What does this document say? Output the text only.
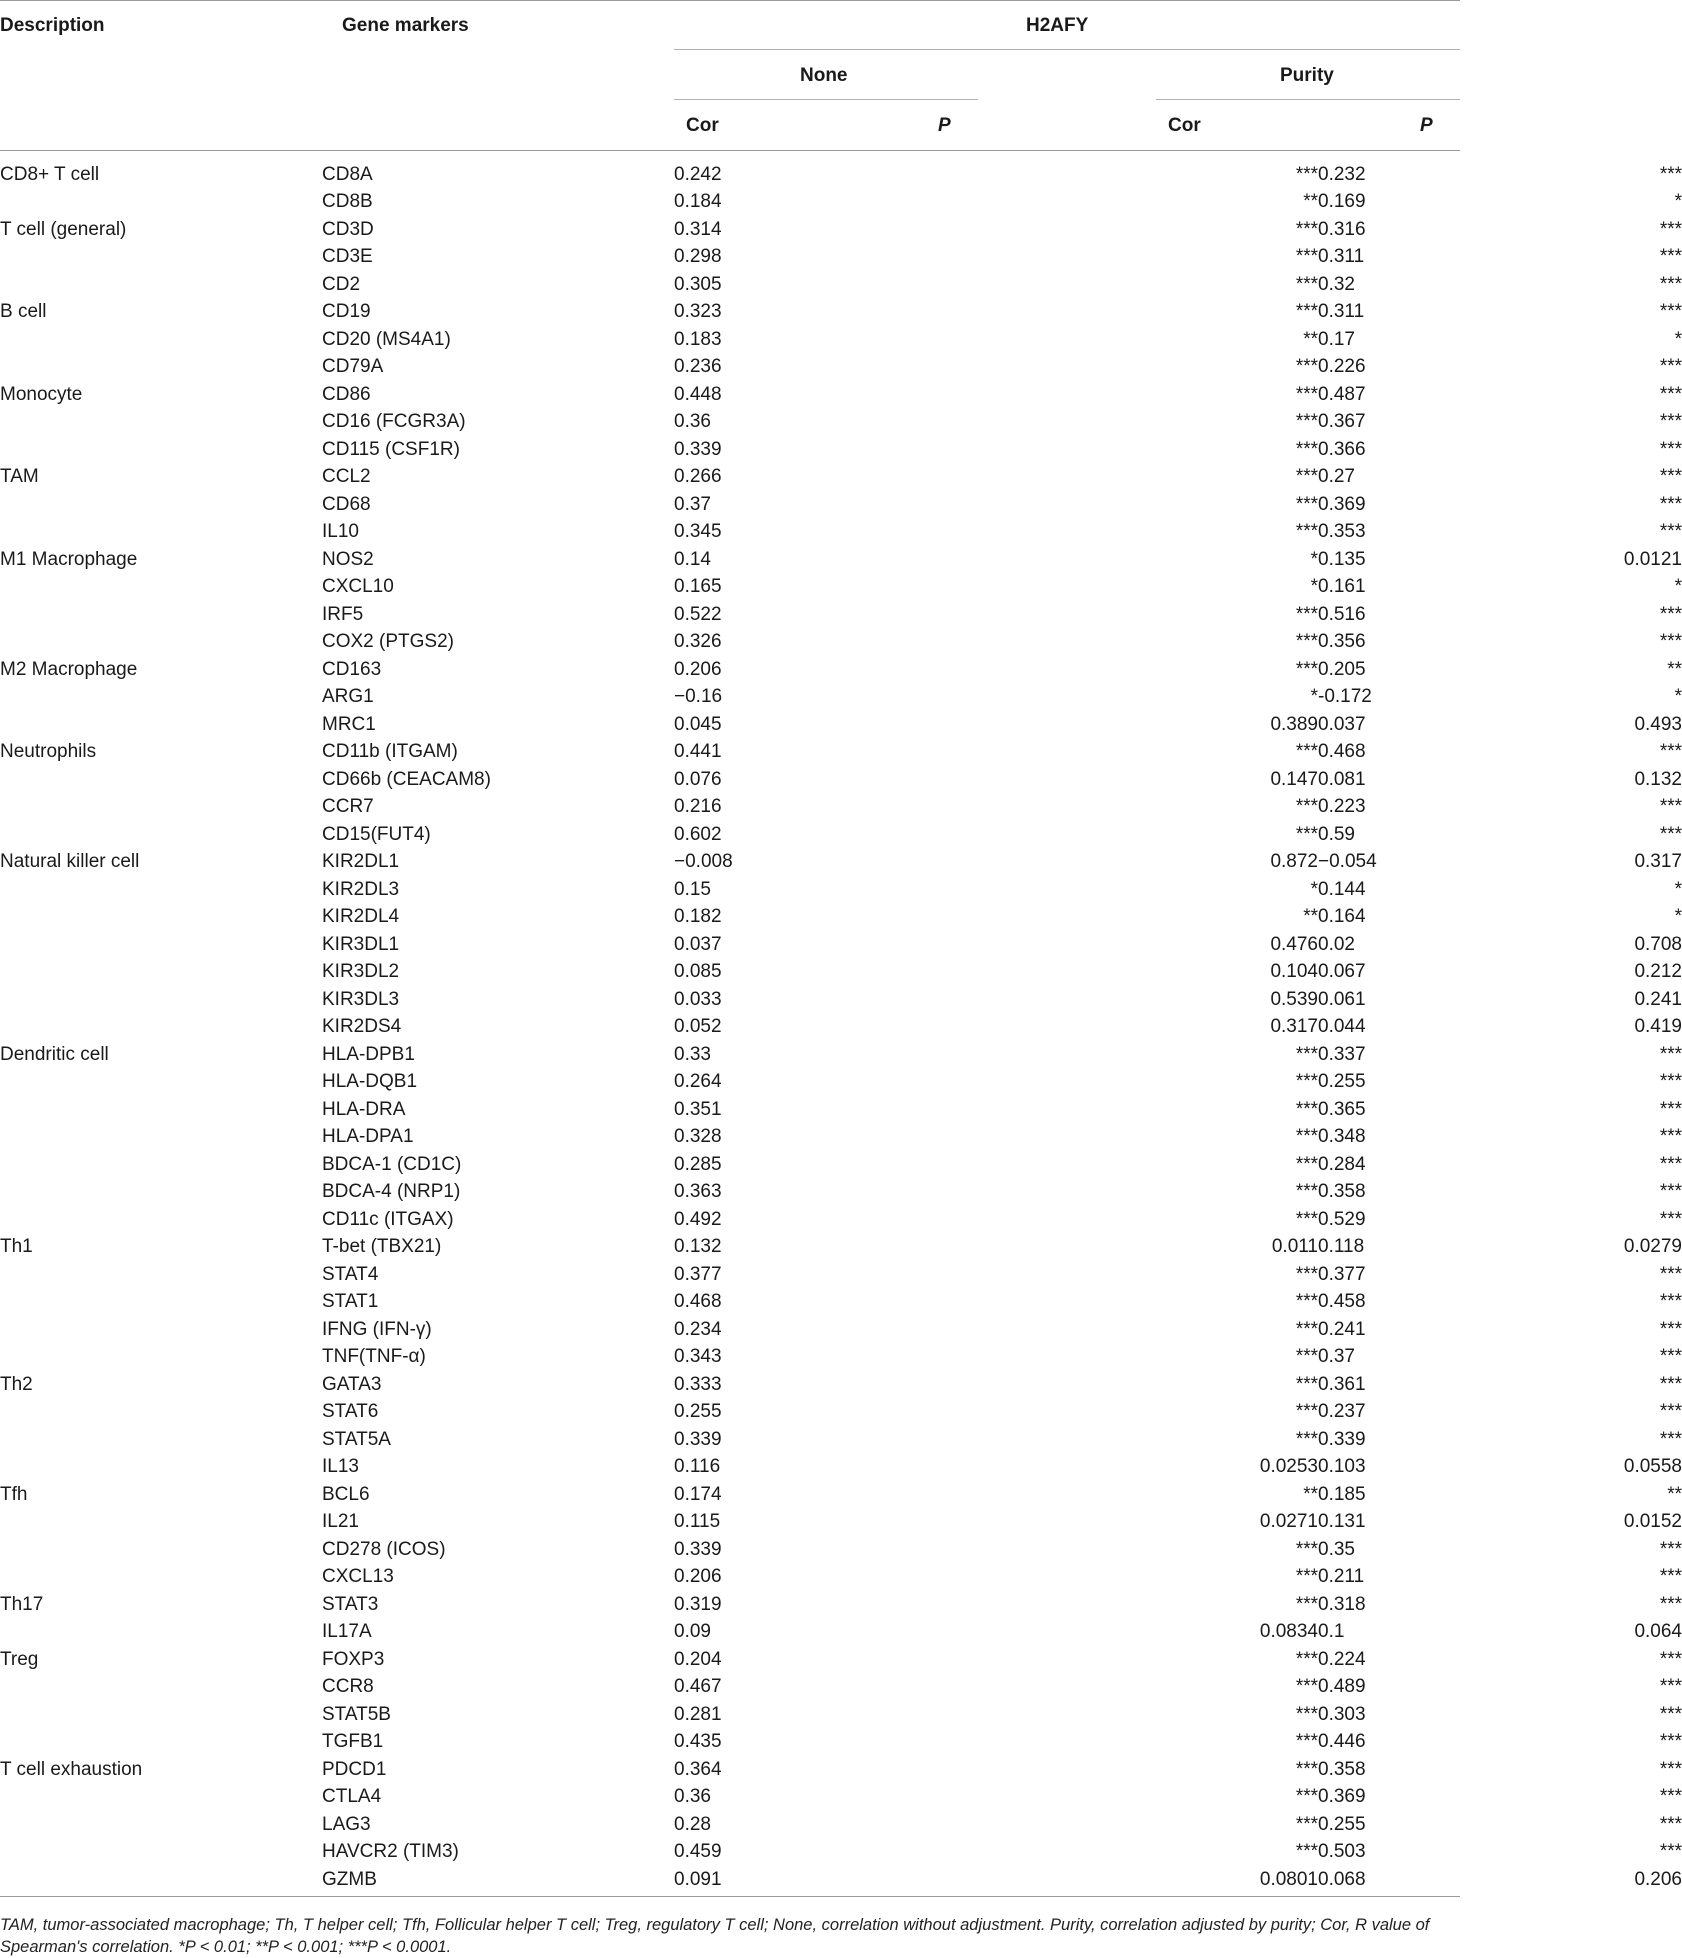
Description	Gene markers	H2AFY
None	Purity
Cor	P	Cor	P
CD8+ T cell	CD8A	0.242	***	0.232	***
	CD8B	0.184	**	0.169	*
T cell (general)	CD3D	0.314	***	0.316	***
	CD3E	0.298	***	0.311	***
	CD2	0.305	***	0.32	***
B cell	CD19	0.323	***	0.311	***
	CD20 (MS4A1)	0.183	**	0.17	*
	CD79A	0.236	***	0.226	***
Monocyte	CD86	0.448	***	0.487	***
	CD16 (FCGR3A)	0.36	***	0.367	***
	CD115 (CSF1R)	0.339	***	0.366	***
TAM	CCL2	0.266	***	0.27	***
	CD68	0.37	***	0.369	***
	IL10	0.345	***	0.353	***
M1 Macrophage	NOS2	0.14	*	0.135	0.0121
	CXCL10	0.165	*	0.161	*
	IRF5	0.522	***	0.516	***
	COX2 (PTGS2)	0.326	***	0.356	***
M2 Macrophage	CD163	0.206	***	0.205	**
	ARG1	−0.16	*	-0.172	*
	MRC1	0.045	0.389	0.037	0.493
Neutrophils	CD11b (ITGAM)	0.441	***	0.468	***
	CD66b (CEACAM8)	0.076	0.147	0.081	0.132
	CCR7	0.216	***	0.223	***
	CD15(FUT4)	0.602	***	0.59	***
Natural killer cell	KIR2DL1	−0.008	0.872	−0.054	0.317
	KIR2DL3	0.15	*	0.144	*
	KIR2DL4	0.182	**	0.164	*
	KIR3DL1	0.037	0.476	0.02	0.708
	KIR3DL2	0.085	0.104	0.067	0.212
	KIR3DL3	0.033	0.539	0.061	0.241
	KIR2DS4	0.052	0.317	0.044	0.419
Dendritic cell	HLA-DPB1	0.33	***	0.337	***
	HLA-DQB1	0.264	***	0.255	***
	HLA-DRA	0.351	***	0.365	***
	HLA-DPA1	0.328	***	0.348	***
	BDCA-1 (CD1C)	0.285	***	0.284	***
	BDCA-4 (NRP1)	0.363	***	0.358	***
	CD11c (ITGAX)	0.492	***	0.529	***
Th1	T-bet (TBX21)	0.132	0.011	0.118	0.0279
	STAT4	0.377	***	0.377	***
	STAT1	0.468	***	0.458	***
	IFNG (IFN-γ)	0.234	***	0.241	***
	TNF(TNF-α)	0.343	***	0.37	***
Th2	GATA3	0.333	***	0.361	***
	STAT6	0.255	***	0.237	***
	STAT5A	0.339	***	0.339	***
	IL13	0.116	0.0253	0.103	0.0558
Tfh	BCL6	0.174	**	0.185	**
	IL21	0.115	0.0271	0.131	0.0152
	CD278 (ICOS)	0.339	***	0.35	***
	CXCL13	0.206	***	0.211	***
Th17	STAT3	0.319	***	0.318	***
	IL17A	0.09	0.0834	0.1	0.064
Treg	FOXP3	0.204	***	0.224	***
	CCR8	0.467	***	0.489	***
	STAT5B	0.281	***	0.303	***
	TGFB1	0.435	***	0.446	***
T cell exhaustion	PDCD1	0.364	***	0.358	***
	CTLA4	0.36	***	0.369	***
	LAG3	0.28	***	0.255	***
	HAVCR2 (TIM3)	0.459	***	0.503	***
	GZMB	0.091	0.0801	0.068	0.206
TAM, tumor-associated macrophage; Th, T helper cell; Tfh, Follicular helper T cell; Treg, regulatory T cell; None, correlation without adjustment. Purity, correlation adjusted by purity; Cor, R value of Spearman's correlation. *P < 0.01; **P < 0.001; ***P < 0.0001.
